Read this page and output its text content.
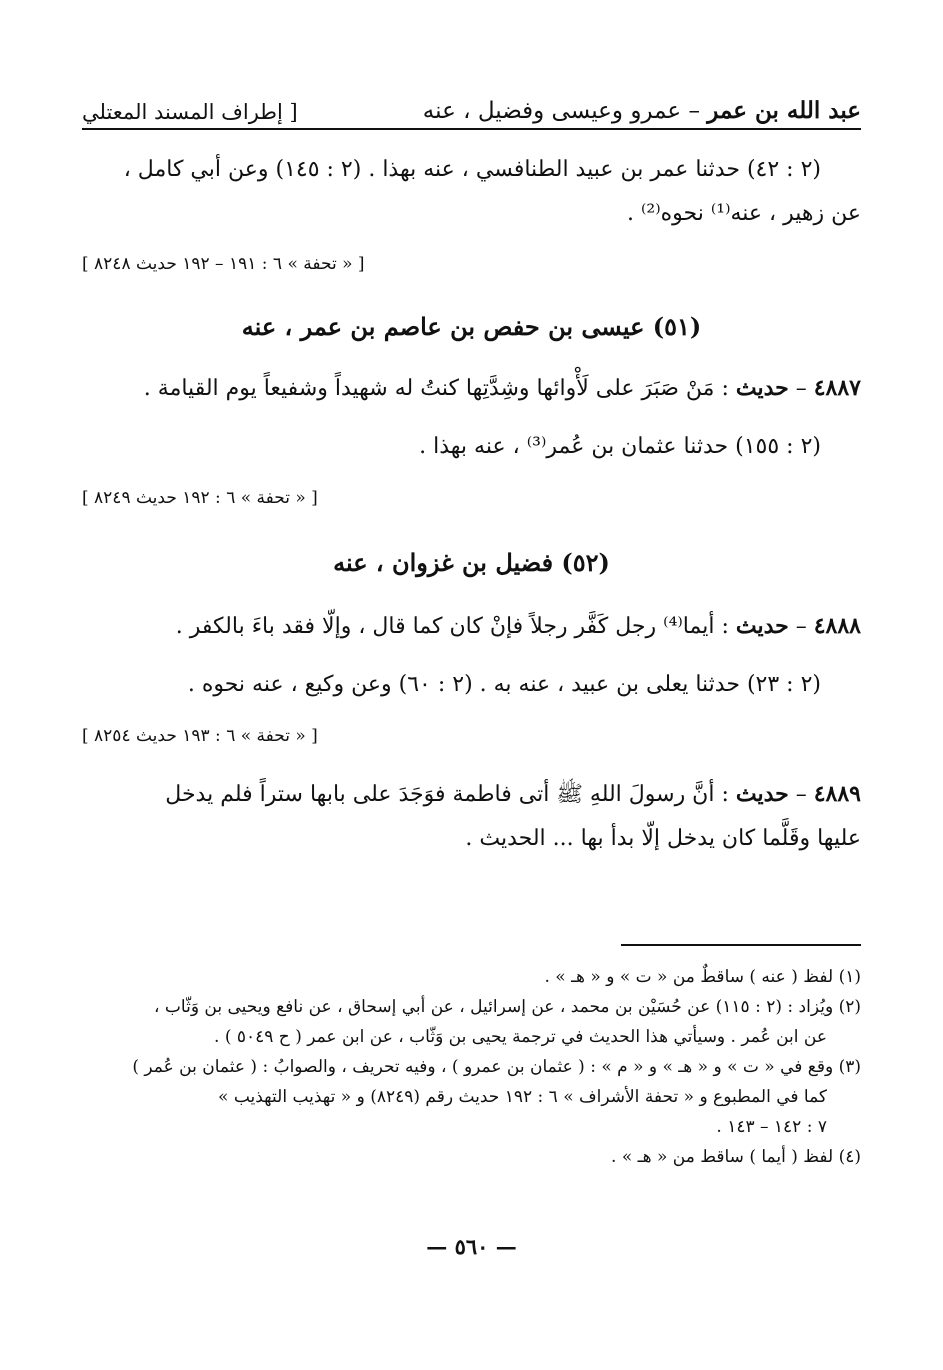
عبد الله بن عمر – عمرو وعيسى وفضيل ، عنه
[ إطراف المسند المعتلي
(٢ : ٤٢) حدثنا عمر بن عبيد الطنافسي ، عنه بهذا . (٢ : ١٤٥) وعن أبي كامل ،
عن زهير ، عنه⁽¹⁾ نحوه⁽²⁾ .
[ « تحفة » ٦ : ١٩١ – ١٩٢ حديث ٨٢٤٨ ]
(٥١) عيسى بن حفص بن عاصم بن عمر ، عنه
٤٨٨٧ – حديث : مَنْ صَبَرَ على لَأْوائها وشِدَّتِها كنتُ له شهيداً وشفيعاً يوم القيامة .
(٢ : ١٥٥) حدثنا عثمان بن عُمر⁽³⁾ ، عنه بهذا .
[ « تحفة » ٦ : ١٩٢ حديث ٨٢٤٩ ]
(٥٢) فضيل بن غزوان ، عنه
٤٨٨٨ – حديث : أيما⁽⁴⁾ رجل كَفَّر رجلاً فإنْ كان كما قال ، وإلّا فقد باءَ بالكفر .
(٢ : ٢٣) حدثنا يعلى بن عبيد ، عنه به . (٢ : ٦٠) وعن وكيع ، عنه نحوه .
[ « تحفة » ٦ : ١٩٣ حديث ٨٢٥٤ ]
٤٨٨٩ – حديث : أنَّ رسولَ اللهِ ﷺ أتى فاطمة فوَجَدَ على بابها ستراً فلم يدخل
عليها وقَلَّما كان يدخل إلّا بدأ بها ... الحديث .
(١) لفظ ( عنه ) ساقطٌ من « ت » و « هـ » .
(٢) ويُزاد : (٢ : ١١٥) عن حُسَيْن بن محمد ، عن إسرائيل ، عن أبي إسحاق ، عن نافع ويحيى بن وَثّاب ،
عن ابن عُمر . وسيأتي هذا الحديث في ترجمة يحيى بن وَثّاب ، عن ابن عمر ( ح ٥٠٤٩ ) .
(٣) وقع في « ت » و « هـ » و « م » : ( عثمان بن عمرو ) ، وفيه تحريف ، والصوابُ : ( عثمان بن عُمر )
كما في المطبوع و « تحفة الأشراف » ٦ : ١٩٢ حديث رقم (٨٢٤٩) و « تهذيب التهذيب »
٧ : ١٤٢ – ١٤٣ .
(٤) لفظ ( أيما ) ساقط من « هـ » .
— ٥٦٠ —
